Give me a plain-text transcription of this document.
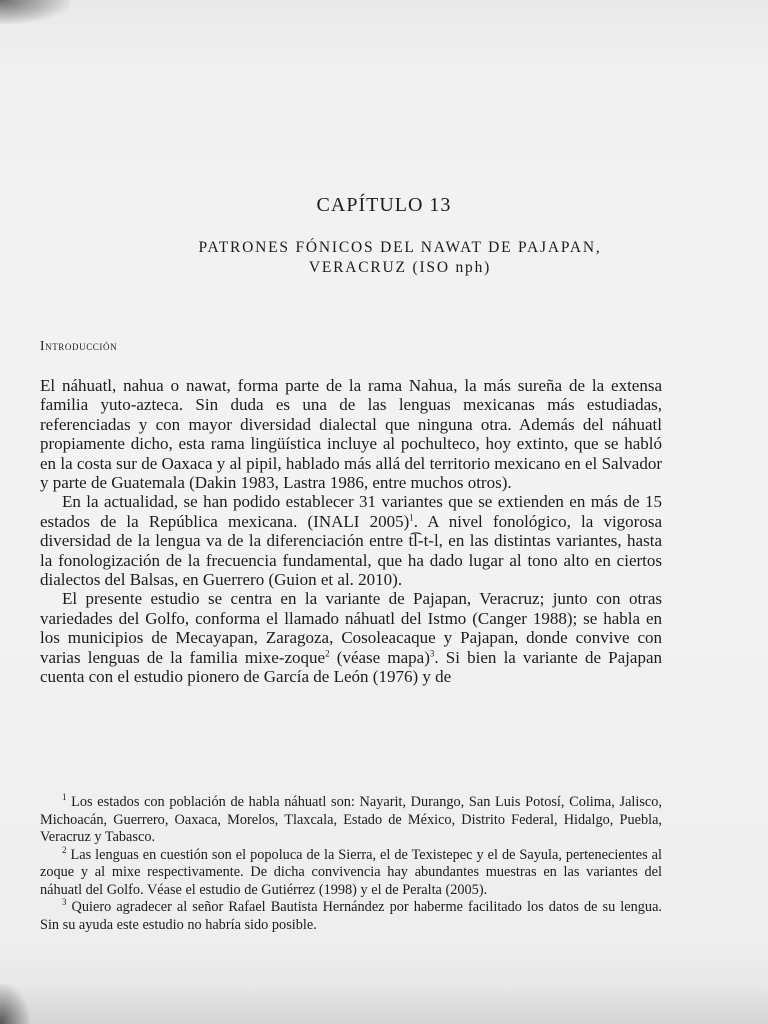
CAPÍTULO 13
PATRONES FÓNICOS DEL NAWAT DE PAJAPAN,
VERACRUZ (ISO nph)
Introducción

El náhuatl, nahua o nawat, forma parte de la rama Nahua, la más sureña de la extensa familia yuto-azteca. Sin duda es una de las lenguas mexicanas más estudiadas, referenciadas y con mayor diversidad dialectal que ninguna otra. Además del náhuatl propiamente dicho, esta rama lingüística incluye al pochulteco, hoy extinto, que se habló en la costa sur de Oaxaca y al pipil, hablado más allá del territorio mexicano en el Salvador y parte de Guatemala (Dakin 1983, Lastra 1986, entre muchos otros).

En la actualidad, se han podido establecer 31 variantes que se extienden en más de 15 estados de la República mexicana. (INALI 2005)$^1$. A nivel fonológico, la vigorosa diversidad de la lengua va de la diferenciación entre t͡l-t-l, en las distintas variantes, hasta la fonologización de la frecuencia fundamental, que ha dado lugar al tono alto en ciertos dialectos del Balsas, en Guerrero (Guion et al. 2010).

El presente estudio se centra en la variante de Pajapan, Veracruz; junto con otras variedades del Golfo, conforma el llamado náhuatl del Istmo (Canger 1988); se habla en los municipios de Mecayapan, Zaragoza, Cosoleacaque y Pajapan, donde convive con varias lenguas de la familia mixe-zoque$^2$ (véase mapa)$^3$. Si bien la variante de Pajapan cuenta con el estudio pionero de García de León (1976) y de

$^1$ Los estados con población de habla náhuatl son: Nayarit, Durango, San Luis Potosí, Colima, Jalisco, Michoacán, Guerrero, Oaxaca, Morelos, Tlaxcala, Estado de México, Distrito Federal, Hidalgo, Puebla, Veracruz y Tabasco.

$^2$ Las lenguas en cuestión son el popoluca de la Sierra, el de Texistepec y el de Sayula, pertenecientes al zoque y al mixe respectivamente. De dicha convivencia hay abundantes muestras en las variantes del náhuatl del Golfo. Véase el estudio de Gutiérrez (1998) y el de Peralta (2005).

$^3$ Quiero agradecer al señor Rafael Bautista Hernández por haberme facilitado los datos de su lengua. Sin su ayuda este estudio no habría sido posible.
